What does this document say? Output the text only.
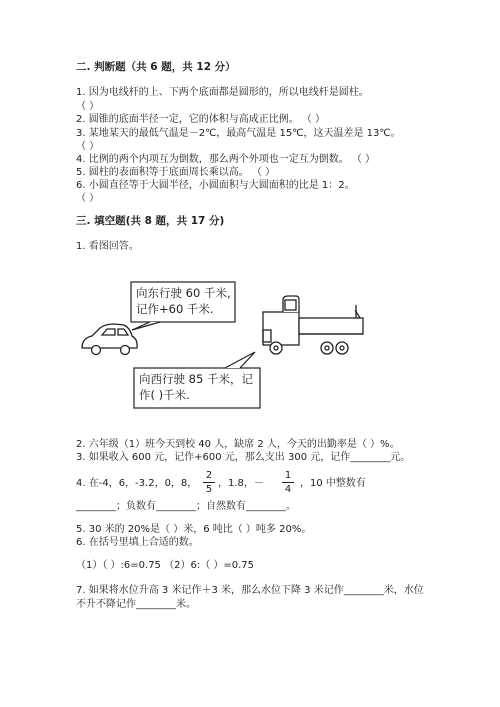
二. 判断题（共 6 题，共 12 分）
1. 因为电线杆的上、下两个底面都是圆形的，所以电线杆是圆柱。
（ ）
2. 圆锥的底面半径一定，它的体积与高成正比例。 （ ）
3. 某地某天的最低气温是－2℃，最高气温是 15℃，这天温差是 13℃。
（ ）
4. 比例的两个内项互为倒数，那么两个外项也一定互为倒数。 （ ）
5. 圆柱的表面积等于底面周长乘以高。 （ ）
6. 小圆直径等于大圆半径，小圆面积与大圆面积的比是 1：2。
（ ）
三. 填空题(共 8 题，共 17 分)
1. 看图回答。
向东行驶 60 千米,
记作+60 千米.
向西行驶 85 千米，记
作( )千米.
2. 六年级（1）班今天到校 40 人，缺席 2 人，今天的出勤率是（ ）%。
3. 如果收入 600 元，记作+600 元，那么支出 300 元，记作________元。
4. 在-4，6，-3.2，0，8，
2
5
，1.8，－
1
4
，10 中整数有
________；负数有________；自然数有________。
5. 30 米的 20%是（ ）米，6 吨比（ ）吨多 20%。
6. 在括号里填上合适的数。
（1）（ ）:6=0.75 （2）6:（ ）=0.75
7. 如果将水位升高 3 米记作＋3 米，那么水位下降 3 米记作________米，水位
不升不降记作________米。
